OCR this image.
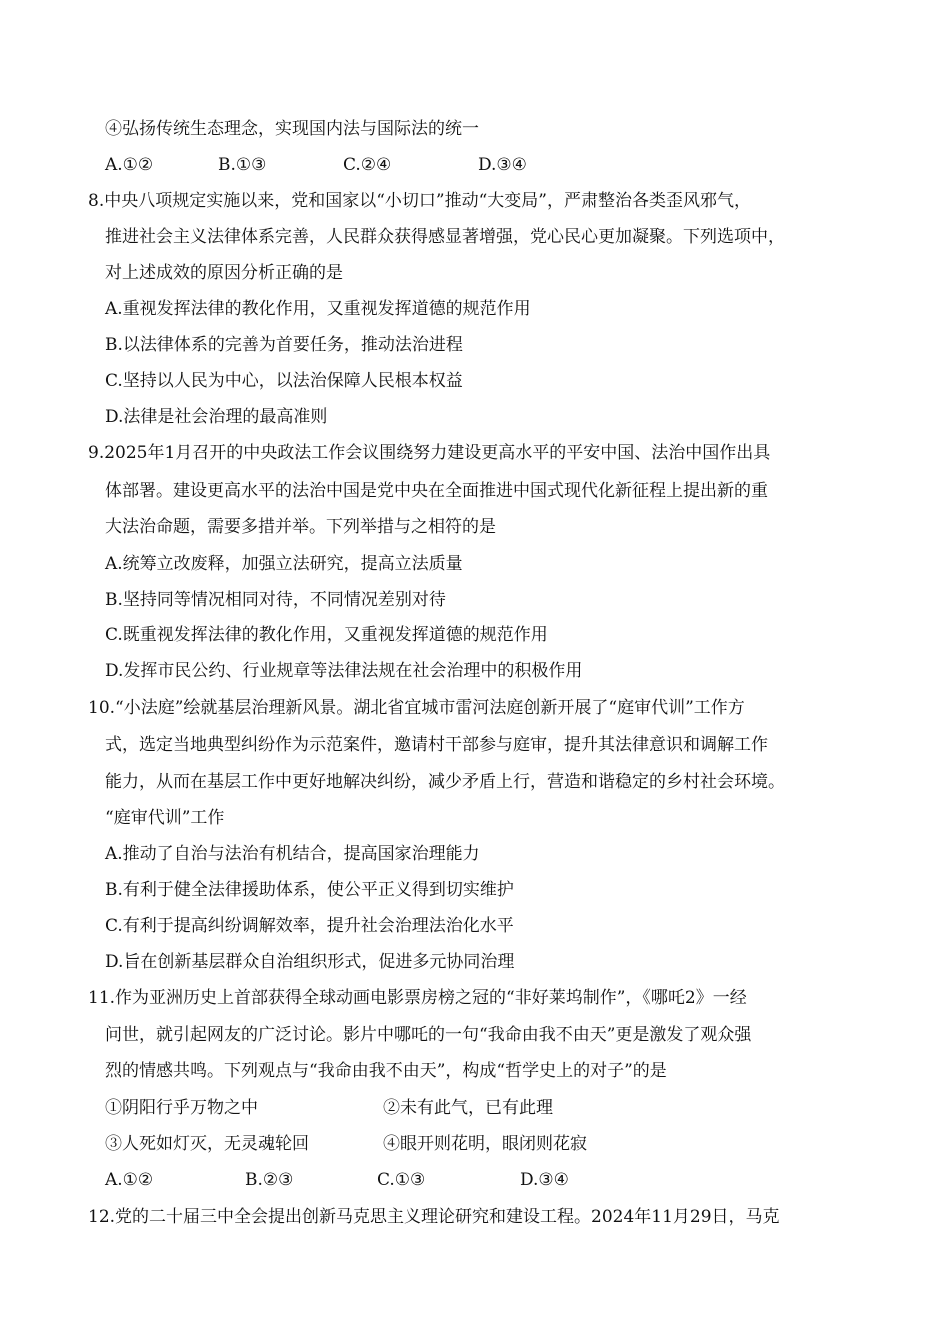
④弘扬传统生态理念，实现国内法与国际法的统一
A.①②	B.①③	C.②④	D.③④
8.中央八项规定实施以来，党和国家以“小切口”推动“大变局”，严肃整治各类歪风邪气，
推进社会主义法律体系完善，人民群众获得感显著增强，党心民心更加凝聚。下列选项中，
对上述成效的原因分析正确的是
A.重视发挥法律的教化作用，又重视发挥道德的规范作用
B.以法律体系的完善为首要任务，推动法治进程
C.坚持以人民为中心，以法治保障人民根本权益
D.法律是社会治理的最高准则
9.2025年1月召开的中央政法工作会议围绕努力建设更高水平的平安中国、法治中国作出具
体部署。建设更高水平的法治中国是党中央在全面推进中国式现代化新征程上提出新的重
大法治命题，需要多措并举。下列举措与之相符的是
A.统筹立改废释，加强立法研究，提高立法质量
B.坚持同等情况相同对待，不同情况差别对待
C.既重视发挥法律的教化作用，又重视发挥道德的规范作用
D.发挥市民公约、行业规章等法律法规在社会治理中的积极作用
10.“小法庭”绘就基层治理新风景。湖北省宜城市雷河法庭创新开展了“庭审代训”工作方
式，选定当地典型纠纷作为示范案件，邀请村干部参与庭审，提升其法律意识和调解工作
能力，从而在基层工作中更好地解决纠纷，减少矛盾上行，营造和谐稳定的乡村社会环境。
“庭审代训”工作
A.推动了自治与法治有机结合，提高国家治理能力
B.有利于健全法律援助体系，使公平正义得到切实维护
C.有利于提高纠纷调解效率，提升社会治理法治化水平
D.旨在创新基层群众自治组织形式，促进多元协同治理
11.作为亚洲历史上首部获得全球动画电影票房榜之冠的“非好莱坞制作”，《哪吒2》一经
问世，就引起网友的广泛讨论。影片中哪吒的一句“我命由我不由天”更是激发了观众强
烈的情感共鸣。下列观点与“我命由我不由天”，构成“哲学史上的对子”的是
①阴阳行乎万物之中	②未有此气，已有此理
③人死如灯灭，无灵魂轮回	④眼开则花明，眼闭则花寂
A.①②	B.②③	C.①③	D.③④
12.党的二十届三中全会提出创新马克思主义理论研究和建设工程。2024年11月29日，马克
